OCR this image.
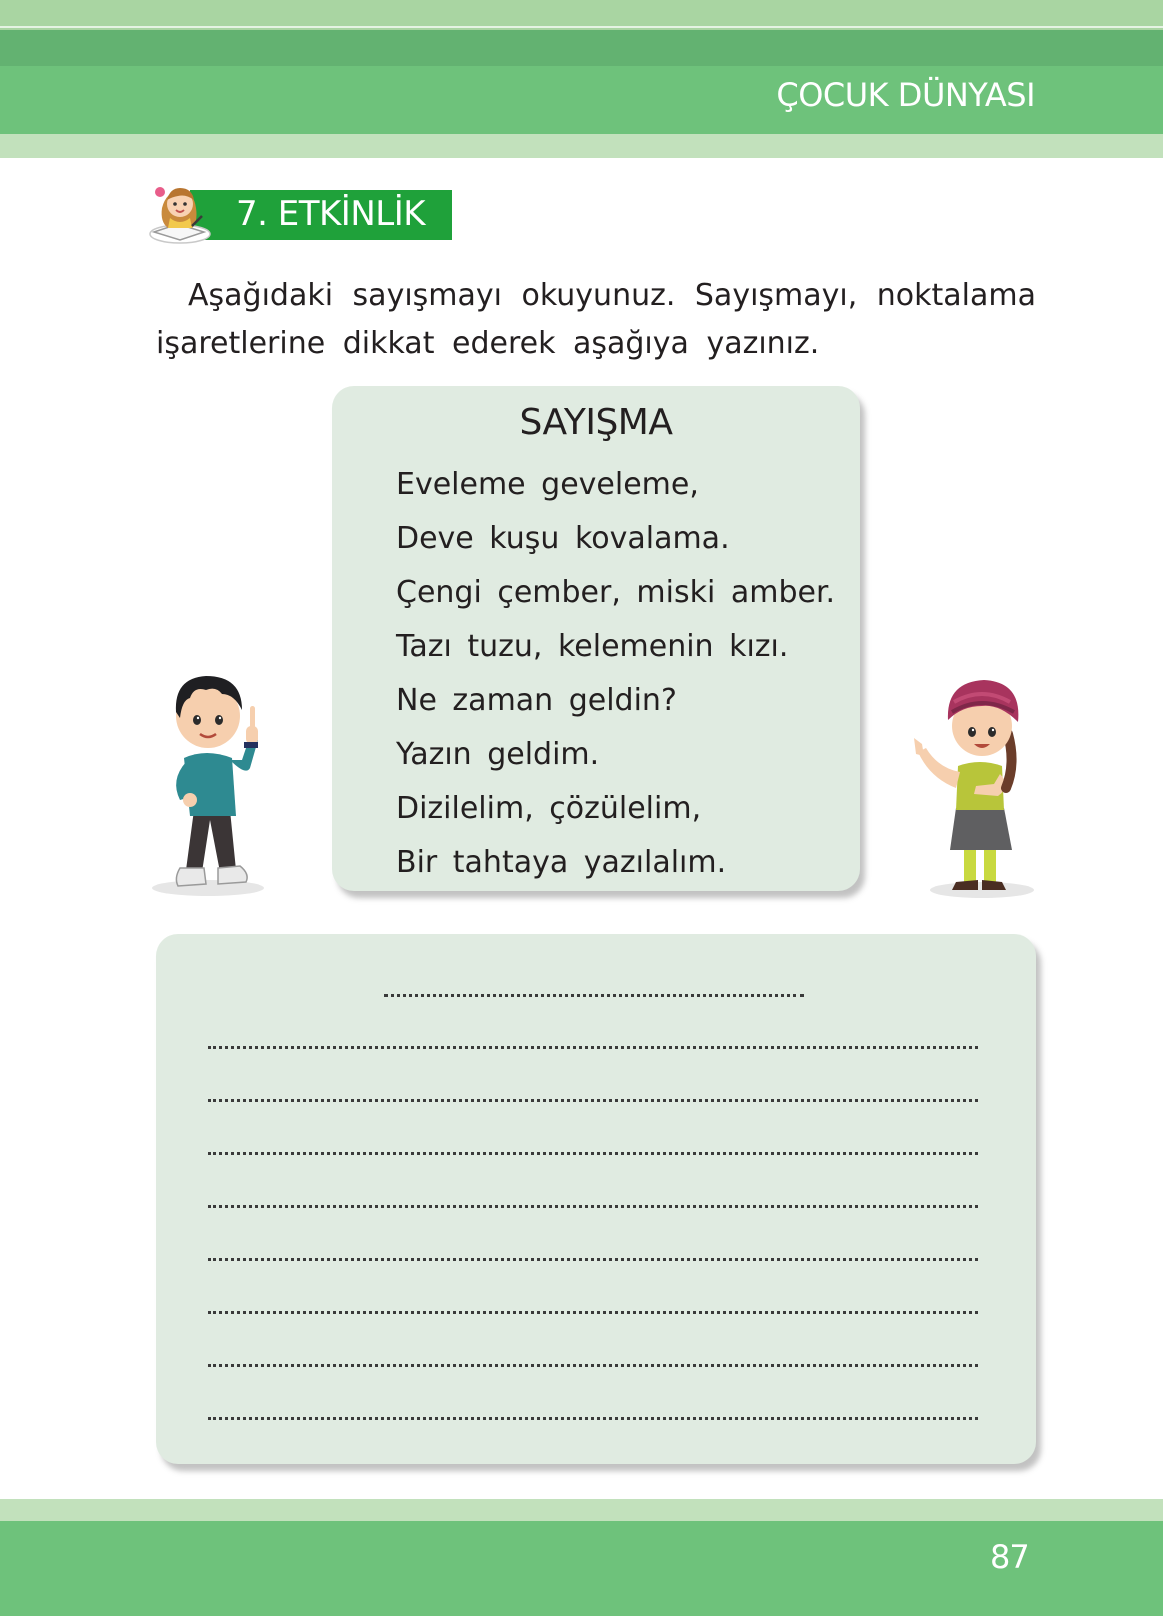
ÇOCUK DÜNYASI
7. ETKİNLİK
Aşağıdaki sayışmayı okuyunuz. Sayışmayı, noktalama işaretlerine dikkat ederek aşağıya yazınız.
SAYIŞMA
Eveleme geveleme,
Deve kuşu kovalama.
Çengi çember, miski amber.
Tazı tuzu, kelemenin kızı.
Ne zaman geldin?
Yazın geldim.
Dizilelim, çözülelim,
Bir tahtaya yazılalım.
87
